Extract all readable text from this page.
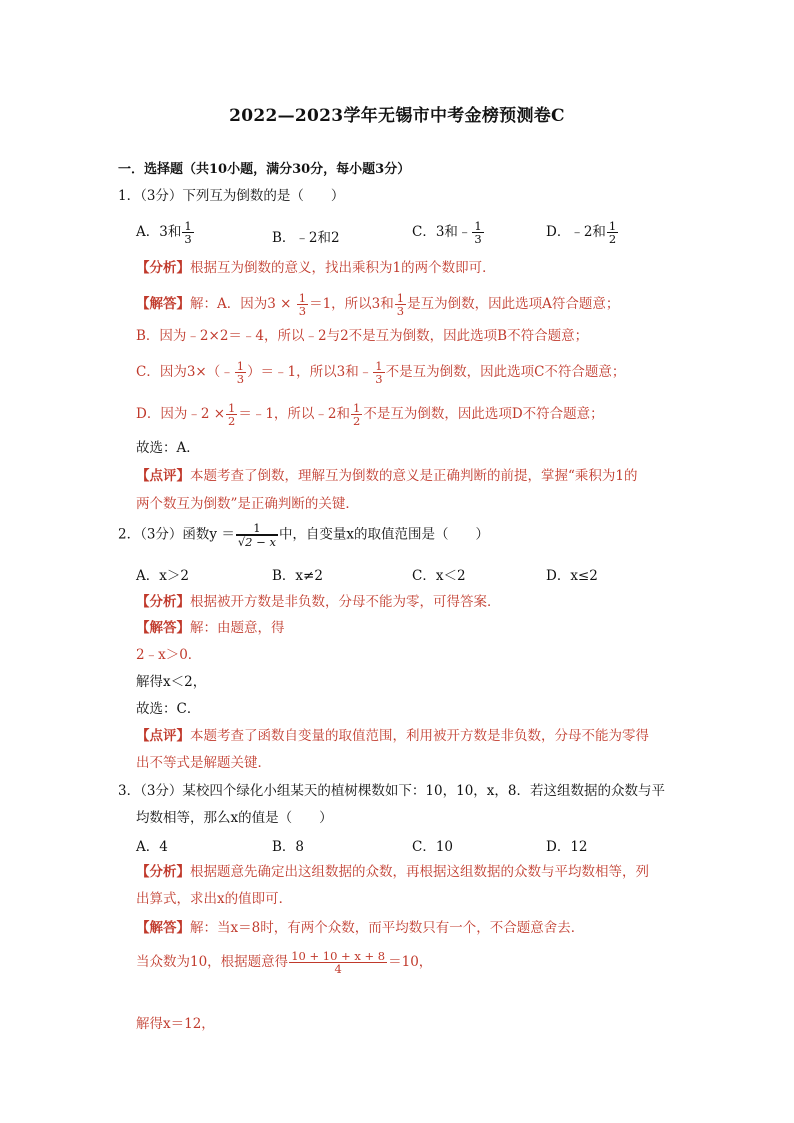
2022—2023学年无锡市中考金榜预测卷C
一．选择题（共10小题，满分30分，每小题3分）
1．（3分）下列互为倒数的是（　　）
A．3和 $\frac{1}{3}$	B．﹣2和2	C．3和﹣ $\frac{1}{3}$	D．﹣2和 $\frac{1}{2}$
【分析】根据互为倒数的意义，找出乘积为1的两个数即可．
【解答】解：A．因为$3 \times \frac{1}{3} =1$，所以3和 $\frac{1}{3}$ 是互为倒数，因此选项A符合题意；
B．因为﹣2×2＝﹣4，所以﹣2与2不是互为倒数，因此选项B不符合题意；
C．因为3×（﹣ $\frac{1}{3}$ ）＝﹣1，所以3和﹣ $\frac{1}{3}$ 不是互为倒数，因此选项C不符合题意；
D．因为﹣2 × $\frac{1}{2}$ ＝﹣1，所以﹣2和 $\frac{1}{2}$ 不是互为倒数，因此选项D不符合题意；
故选：A．
【点评】本题考查了倒数，理解互为倒数的意义是正确判断的前提，掌握“乘积为1的
两个数互为倒数”是正确判断的关键．
2．（3分）函数$y = \frac{1}{√2 - x}$ 中，自变量x的取值范围是（　　）
A．x＞2	B．x≠2	C．x＜2	D．x≤2
【分析】根据被开方数是非负数，分母不能为零，可得答案．
【解答】解：由题意，得
2﹣x＞0．
解得x＜2，
故选：C．
【点评】本题考查了函数自变量的取值范围，利用被开方数是非负数，分母不能为零得
出不等式是解题关键．
3．（3分）某校四个绿化小组某天的植树棵数如下：10，10，x，8．若这组数据的众数与平
均数相等，那么x的值是（　　）
A．4	B．8	C．10	D．12
【分析】根据题意先确定出这组数据的众数，再根据这组数据的众数与平均数相等，列
出算式，求出x的值即可．
【解答】解：当x＝8时，有两个众数，而平均数只有一个，不合题意舍去．
当众数为10，根据题意得 $\frac{10 + 10 + x + 8}{4} =10$，
解得x＝12，
